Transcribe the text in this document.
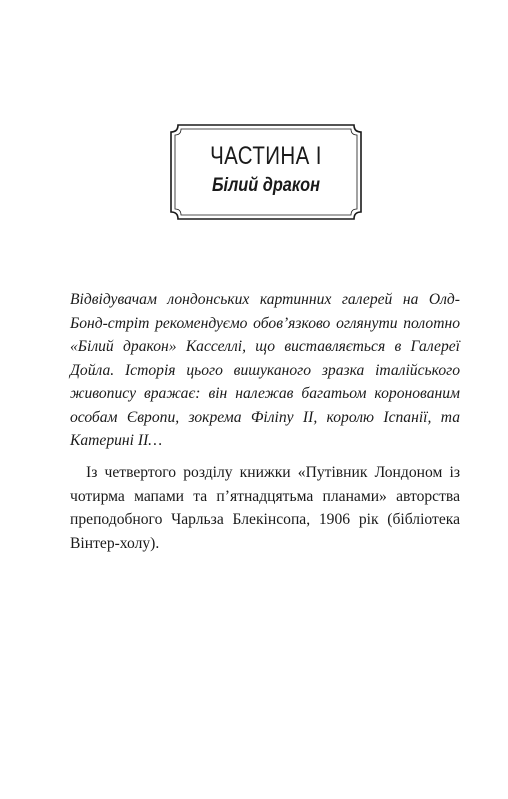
ЧАСТИНА I
Білий дракон
Відвідувачам лондонських картинних галерей на Олд-Бонд-стріт рекомендуємо обов’язково оглянути полотно «Білий дракон» Касселлі, що виставляється в Галереї Дойла. Історія цього вишуканого зразка італійського живопису вражає: він належав багатьом коронованим особам Європи, зокрема Філіпу II, королю Іспанії, та Катерині II…
Із четвертого розділу книжки «Путівник Лондоном із чотирма мапами та п’ятнадцятьма планами» авторства преподобного Чарльза Блекінсопа, 1906 рік (бібліотека Вінтер-холу).
